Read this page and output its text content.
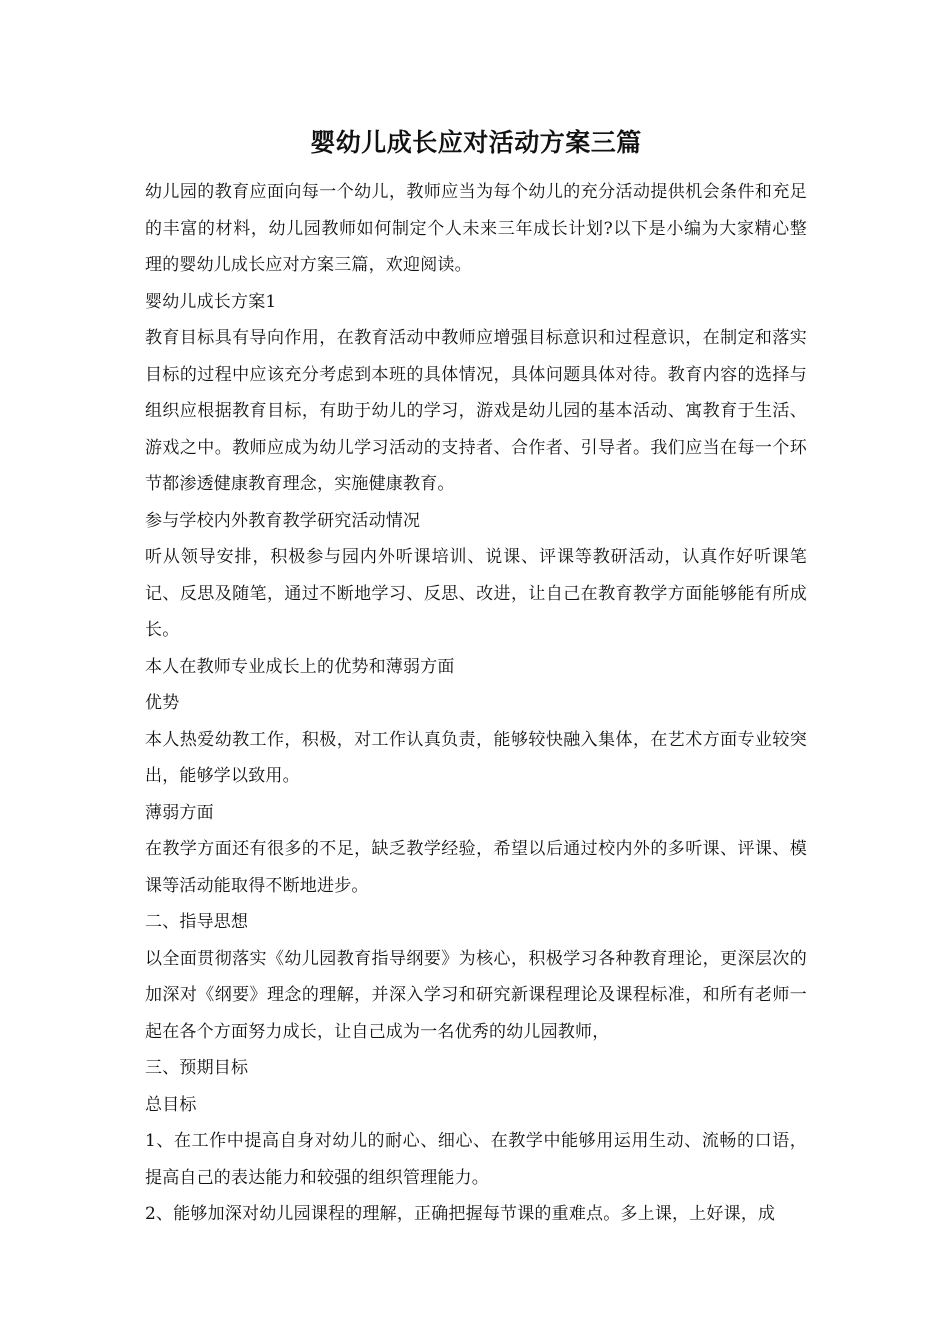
婴幼儿成长应对活动方案三篇

幼儿园的教育应面向每一个幼儿，教师应当为每个幼儿的充分活动提供机会条件和充足的丰富的材料，幼儿园教师如何制定个人未来三年成长计划?以下是小编为大家精心整理的婴幼儿成长应对方案三篇，欢迎阅读。

婴幼儿成长方案1

教育目标具有导向作用，在教育活动中教师应增强目标意识和过程意识，在制定和落实目标的过程中应该充分考虑到本班的具体情况，具体问题具体对待。教育内容的选择与组织应根据教育目标，有助于幼儿的学习，游戏是幼儿园的基本活动、寓教育于生活、游戏之中。教师应成为幼儿学习活动的支持者、合作者、引导者。我们应当在每一个环节都渗透健康教育理念，实施健康教育。

参与学校内外教育教学研究活动情况

听从领导安排，积极参与园内外听课培训、说课、评课等教研活动，认真作好听课笔记、反思及随笔，通过不断地学习、反思、改进，让自己在教育教学方面能够能有所成长。

本人在教师专业成长上的优势和薄弱方面

优势

本人热爱幼教工作，积极，对工作认真负责，能够较快融入集体，在艺术方面专业较突出，能够学以致用。

薄弱方面

在教学方面还有很多的不足，缺乏教学经验，希望以后通过校内外的多听课、评课、模课等活动能取得不断地进步。

二、指导思想

以全面贯彻落实《幼儿园教育指导纲要》为核心，积极学习各种教育理论，更深层次的加深对《纲要》理念的理解，并深入学习和研究新课程理论及课程标准，和所有老师一起在各个方面努力成长，让自己成为一名优秀的幼儿园教师，

三、预期目标

总目标

1、在工作中提高自身对幼儿的耐心、细心、在教学中能够用运用生动、流畅的口语，提高自己的表达能力和较强的组织管理能力。

2、能够加深对幼儿园课程的理解，正确把握每节课的重难点。多上课，上好课，成
